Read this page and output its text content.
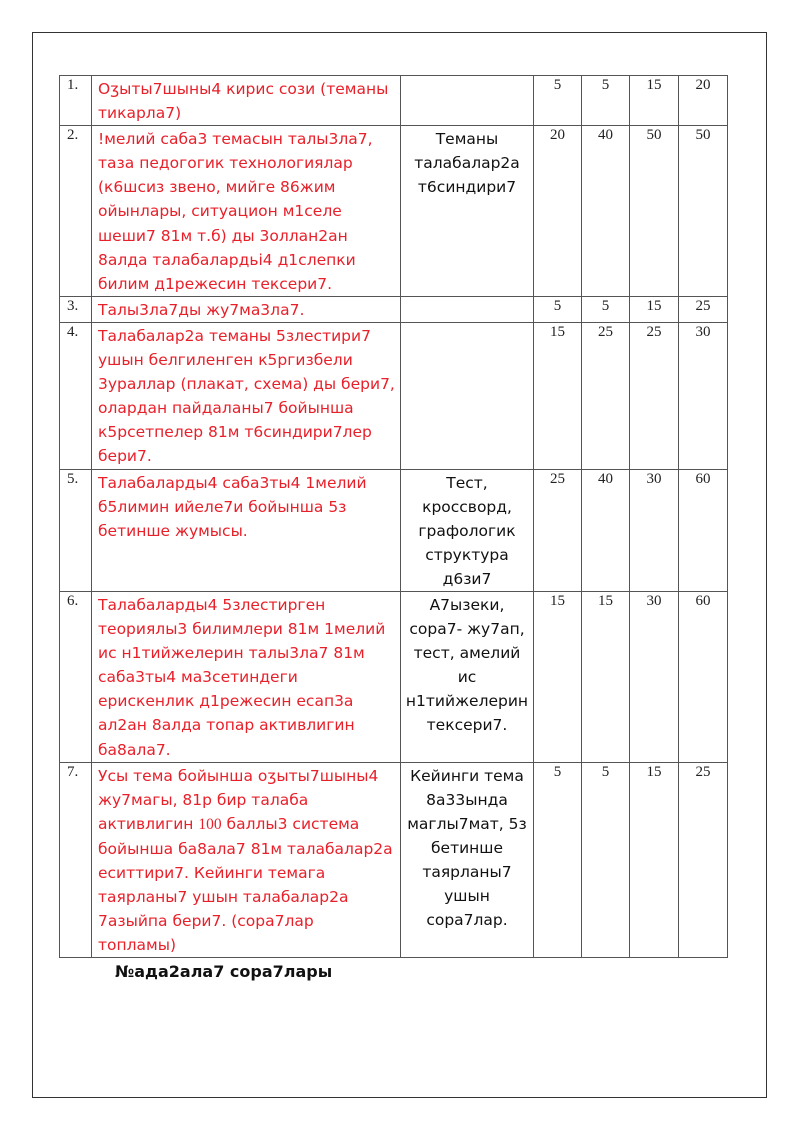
1.	Оӡыты7шыны4 кирис сози (теманы тикарла7)		5	5	15	20
2.	!мелий саба3 темасын талы3ла7, таза педогогик технологиялар (к6шсиз звено, мийге 86жим ойынлары, ситуацион м1селе шеши7 81м т.б) ды 3оллан2ан 8алда талабалардьі4 д1слепки билим д1режесин тексери7.	Теманы талабалар2а т6синдири7	20	40	50	50
3.	Талы3ла7ды жу7ма3ла7.		5	5	15	25
4.	Талабалар2а теманы 5злестири7 ушын белгиленген к5ргизбели 3ураллар (плакат, схема) ды бери7, олардан пайдаланы7 бойынша к5рсетпелер 81м т6синдири7лер бери7.		15	25	25	30
5.	Талабаларды4 саба3ты4 1мелий б5лимин ийеле7и бойынша 5з бетинше жумысы.	Тест, кроссворд, графологик структура д6зи7	25	40	30	60
6.	Талабаларды4 5злестирген теориялы3 билимлери 81м 1мелий ис н1тийжелерин талы3ла7 81м саба3ты4 ма3сетиндеги ерискенлик д1режесин есап3а ал2ан 8алда топар активлигин ба8ала7.	А7ызеки, сора7- жу7ап, тест, амелий ис н1тийжелерин тексери7.	15	15	30	60
7.	Усы тема бойынша оӡыты7шыны4 жу7магы, 81р бир талаба активлигин 100 баллы3 система бойынша ба8ала7 81м талабалар2а еситтири7. Кейинги темага таярланы7 ушын талабалар2а 7азыйпа бери7. (сора7лар топламы)	Кейинги тема 8а33ында маглы7мат, 5з бетинше таярланы7 ушын сора7лар.	5	5	15	25
№ада2ала7 сора7лары
